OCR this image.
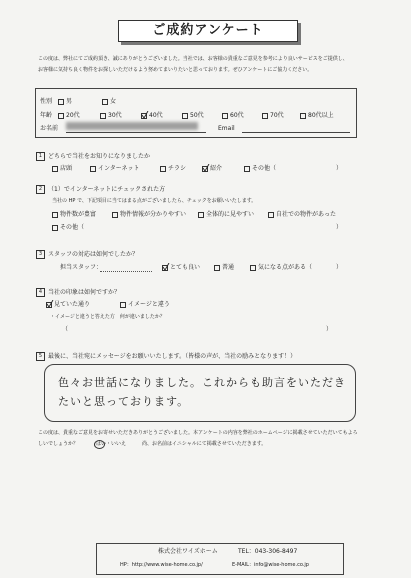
ご成約アンケート
この度は、弊社にてご成約頂き、誠にありがとうございました。当社では、お客様の貴重なご意見を参考により良いサービスをご提供し、
お客様に気持ち良く物件をお探しいただけるよう努めてまいりたいと思っております。ぜひアンケートにご協力ください。
性別	男	女
年齢	20代	30代	40代	50代	60代	70代	80代以上
お名前	Email
1 どちらで当社をお知りになりましたか
店頭	インターネット	チラシ	紹介	その他（	）
2 （1）でインターネットにチェックされた方
当社の HP で、下記項目に当てはまる点がございましたら、チェックをお願いいたします。
物件数が豊富	物件情報が分かりやすい	全体的に見やすい	自社での物件があった
その他（	）
3 スタッフの対応は如何でしたか？
担当スタッフ：	とても良い	普通	気になる点がある（	）
4 当社の印象は如何ですか？
見ていた通り	イメージと違う
・イメージと違うと答えた方　何が違いましたか？
（	）
5 最後に、当社宛にメッセージをお願いいたします。（皆様の声が、当社の励みとなります！）
色々お世話になりました。これからも助言をいただき
たいと思っております。
この度は、貴重なご意見をお寄せいただきありがとうございました。本アンケートの内容を弊社のホームページに掲載させていただいてもよろ
しいでしょうか？	はい・いいえ	尚、お名前はイニシャルにて掲載させていただきます。
株式会社ワイズホーム	TEL：043-306-8497
HP：http://www.wise-home.co.jp/	E-MAIL：info@wise-home.co.jp
